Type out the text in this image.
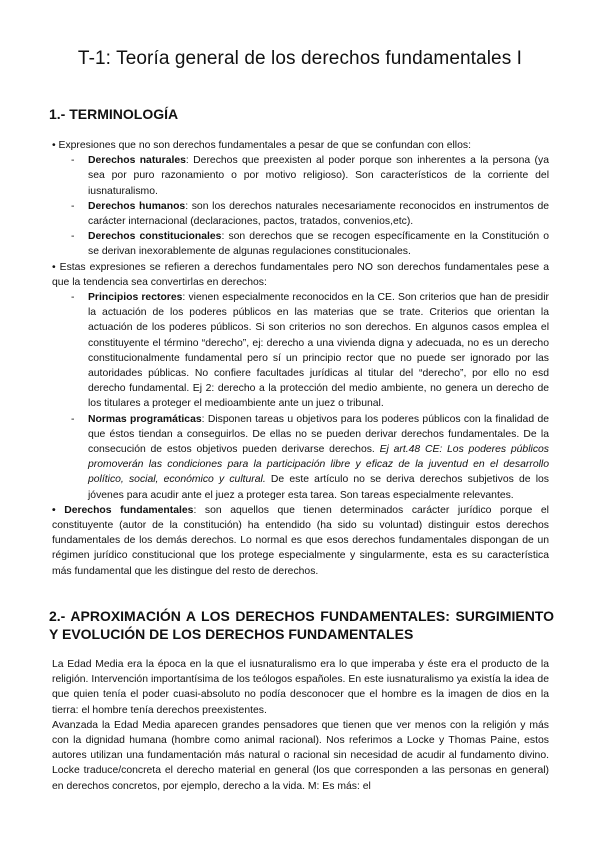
T-1: Teoría general de los derechos fundamentales I
1.- TERMINOLOGÍA

• Expresiones que no son derechos fundamentales a pesar de que se confundan con ellos:

- Derechos naturales: Derechos que preexisten al poder porque son inherentes a la persona (ya sea por puro razonamiento o por motivo religioso). Son característicos de la corriente del iusnaturalismo.

- Derechos humanos: son los derechos naturales necesariamente reconocidos en instrumentos de carácter internacional (declaraciones, pactos, tratados, convenios,etc).

- Derechos constitucionales: son derechos que se recogen específicamente en la Constitución o se derivan inexorablemente de algunas regulaciones constitucionales.

• Estas expresiones se refieren a derechos fundamentales pero NO son derechos fundamentales pese a que la tendencia sea convertirlas en derechos:

- Principios rectores: vienen especialmente reconocidos en la CE. Son criterios que han de presidir la actuación de los poderes públicos en las materias que se trate. Criterios que orientan la actuación de los poderes públicos. Si son criterios no son derechos. En algunos casos emplea el constituyente el término “derecho”, ej: derecho a una vivienda digna y adecuada, no es un derecho constitucionalmente fundamental pero sí un principio rector que no puede ser ignorado por las autoridades públicas. No confiere facultades jurídicas al titular del “derecho”, por ello no esd derecho fundamental. Ej 2: derecho a la protección del medio ambiente, no genera un derecho de los titulares a proteger el medioambiente ante un juez o tribunal.

- Normas programáticas: Disponen tareas u objetivos para los poderes públicos con la finalidad de que éstos tiendan a conseguirlos. De ellas no se pueden derivar derechos fundamentales. De la consecución de estos objetivos pueden derivarse derechos. Ej art.48 CE: Los poderes públicos promoverán las condiciones para la participación libre y eficaz de la juventud en el desarrollo político, social, económico y cultural. De este artículo no se deriva derechos subjetivos de los jóvenes para acudir ante el juez a proteger esta tarea. Son tareas especialmente relevantes.

• Derechos fundamentales: son aquellos que tienen determinados carácter jurídico porque el constituyente (autor de la constitución) ha entendido (ha sido su voluntad) distinguir estos derechos fundamentales de los demás derechos. Lo normal es que esos derechos fundamentales dispongan de un régimen jurídico constitucional que los protege especialmente y singularmente, esta es su característica más fundamental que les distingue del resto de derechos.

2.- APROXIMACIÓN A LOS DERECHOS FUNDAMENTALES: SURGIMIENTO Y EVOLUCIÓN DE LOS DERECHOS FUNDAMENTALES

La Edad Media era la época en la que el iusnaturalismo era lo que imperaba y éste era el producto de la religión. Intervención importantísima de los teólogos españoles. En este iusnaturalismo ya existía la idea de que quien tenía el poder cuasi-absoluto no podía desconocer que el hombre es la imagen de dios en la tierra: el hombre tenía derechos preexistentes.

Avanzada la Edad Media aparecen grandes pensadores que tienen que ver menos con la religión y más con la dignidad humana (hombre como animal racional). Nos referimos a Locke y Thomas Paine, estos autores utilizan una fundamentación más natural o racional sin necesidad de acudir al fundamento divino. Locke traduce/concreta el derecho material en general (los que corresponden a las personas en general) en derechos concretos, por ejemplo, derecho a la vida. M: Es más: el
